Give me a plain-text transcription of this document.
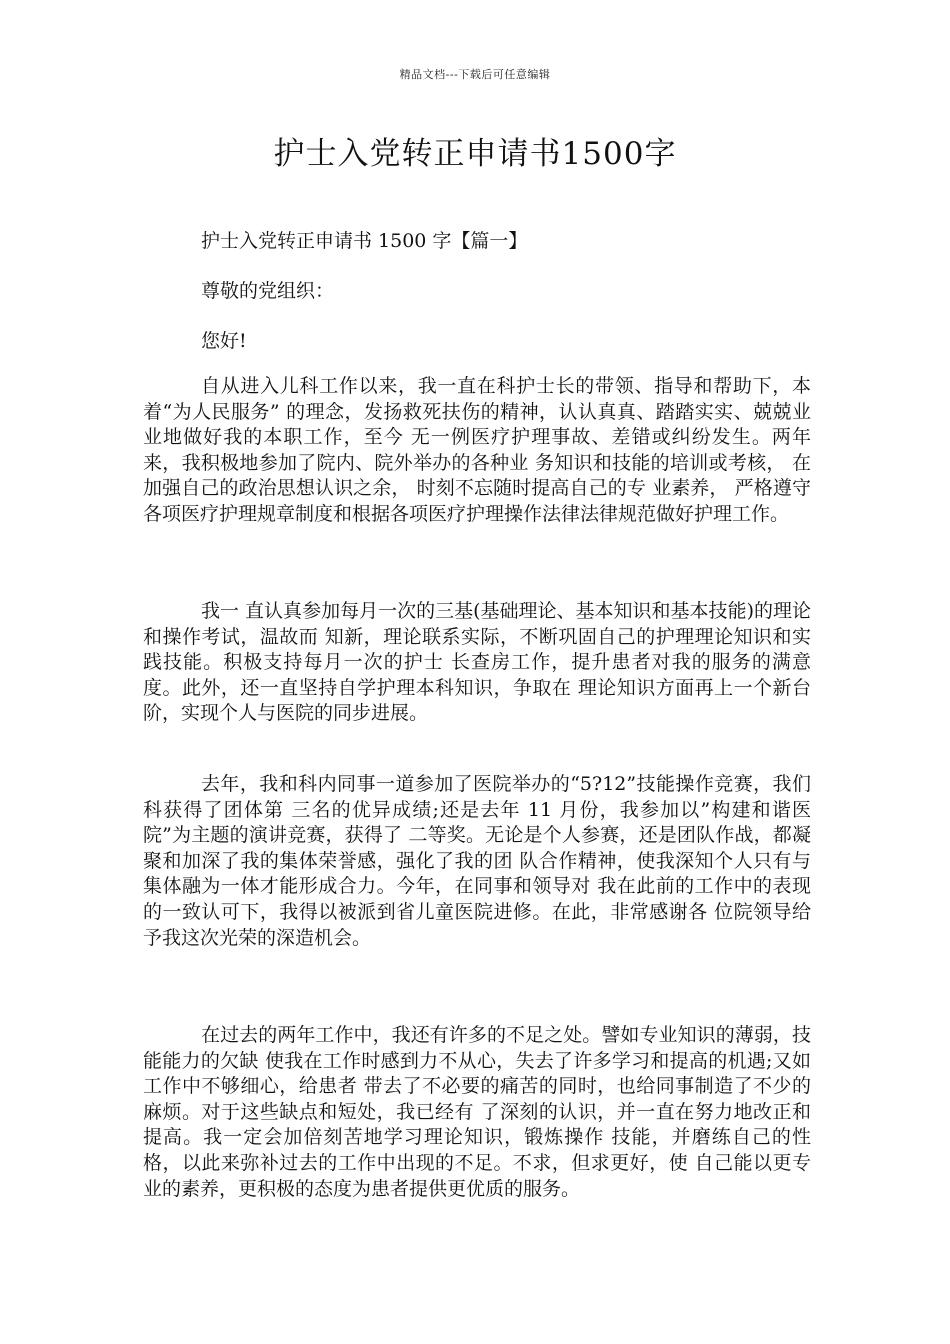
精品文档---下载后可任意编辑
护士入党转正申请书1500字
护士入党转正申请书 1500 字【篇一】
尊敬的党组织：
您好!

自从进入儿科工作以来，我一直在科护士长的带领、指导和帮助下，本着“为人民服务” 的理念，发扬救死扶伤的精神，认认真真、踏踏实实、兢兢业业地做好我的本职工作，至今 无一例医疗护理事故、差错或纠纷发生。两年来，我积极地参加了院内、院外举办的各种业 务知识和技能的培训或考核， 在加强自己的政治思想认识之余， 时刻不忘随时提高自己的专 业素养， 严格遵守各项医疗护理规章制度和根据各项医疗护理操作法律法律规范做好护理工作。

我一 直认真参加每月一次的三基(基础理论、基本知识和基本技能)的理论和操作考试，温故而 知新，理论联系实际，不断巩固自己的护理理论知识和实践技能。积极支持每月一次的护士 长查房工作，提升患者对我的服务的满意度。此外，还一直坚持自学护理本科知识，争取在 理论知识方面再上一个新台阶，实现个人与医院的同步进展。

去年，我和科内同事一道参加了医院举办的“5?12”技能操作竞赛，我们科获得了团体第 三名的优异成绩;还是去年 11 月份，我参加以”构建和谐医院”为主题的演讲竞赛，获得了 二等奖。无论是个人参赛，还是团队作战，都凝聚和加深了我的集体荣誉感，强化了我的团 队合作精神，使我深知个人只有与集体融为一体才能形成合力。今年，在同事和领导对 我在此前的工作中的表现的一致认可下，我得以被派到省儿童医院进修。在此，非常感谢各 位院领导给予我这次光荣的深造机会。

在过去的两年工作中，我还有许多的不足之处。譬如专业知识的薄弱，技能能力的欠缺 使我在工作时感到力不从心，失去了许多学习和提高的机遇;又如工作中不够细心，给患者 带去了不必要的痛苦的同时，也给同事制造了不少的麻烦。对于这些缺点和短处，我已经有 了深刻的认识，并一直在努力地改正和提高。我一定会加倍刻苦地学习理论知识，锻炼操作 技能，并磨练自己的性格，以此来弥补过去的工作中出现的不足。不求，但求更好，使 自己能以更专业的素养，更积极的态度为患者提供更优质的服务。
